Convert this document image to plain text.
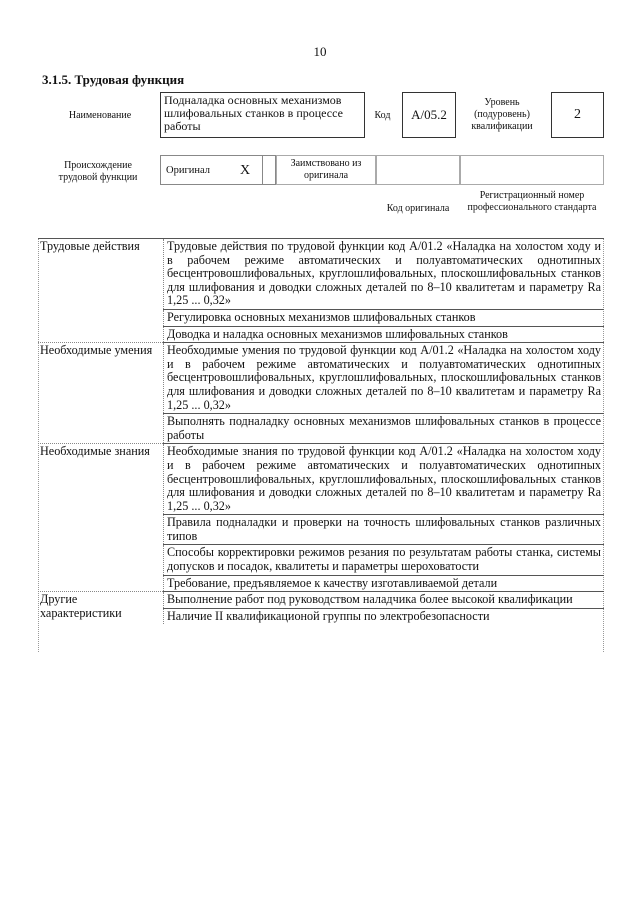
10
3.1.5. Трудовая функция
Наименование
Подналадка основных механизмов шлифовальных станков в процессе работы
Код	A/05.2
Уровень (подуровень) квалификации
2
Происхождение трудовой функции
Оригинал X	Заимствовано из оригинала
Код оригинала
Регистрационный номер профессионального стандарта
Трудовые действия	Трудовые действия по трудовой функции код A/01.2 «Наладка на холостом ходу и в рабочем режиме автоматических и полуавтоматических однотипных бесцентровошлифовальных, круглошлифовальных, плоскошлифовальных станков для шлифования и доводки сложных деталей по 8–10 квалитетам и параметру Ra 1,25 ... 0,32»
	Регулировка основных механизмов шлифовальных станков
	Доводка и наладка основных механизмов шлифовальных станков
Необходимые умения	Необходимые умения по трудовой функции код A/01.2 «Наладка на холостом ходу и в рабочем режиме автоматических и полуавтоматических однотипных бесцентровошлифовальных, круглошлифовальных, плоскошлифовальных станков для шлифования и доводки сложных деталей по 8–10 квалитетам и параметру Ra 1,25 ... 0,32»
	Выполнять подналадку основных механизмов шлифовальных станков в процессе работы
Необходимые знания	Необходимые знания по трудовой функции код A/01.2 «Наладка на холостом ходу и в рабочем режиме автоматических и полуавтоматических однотипных бесцентровошлифовальных, круглошлифовальных, плоскошлифовальных станков для шлифования и доводки сложных деталей по 8–10 квалитетам и параметру Ra 1,25 ... 0,32»
	Правила подналадки и проверки на точность шлифовальных станков различных типов
	Способы корректировки режимов резания по результатам работы станка, системы допусков и посадок, квалитеты и параметры шероховатости
	Требование, предъявляемое к качеству изготавливаемой детали
Другие характеристики	Выполнение работ под руководством наладчика более высокой квалификации
	Наличие II квалификационой группы по электробезопасности
